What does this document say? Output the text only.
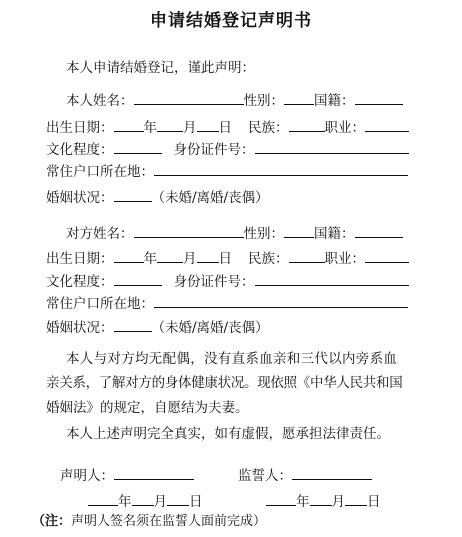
申请结婚登记声明书
本人申请结婚登记，谨此声明：
本人姓名：	性别： 国籍：
出生日期： 年 月 日 民族：	职业：
文化程度：	身份证件号：
常住户口所在地：
婚姻状况：	（未婚/离婚/丧偶）
对方姓名：	性别： 国籍：
出生日期： 年 月 日 民族：	职业：
文化程度：	身份证件号：
常住户口所在地：
婚姻状况：	（未婚/离婚/丧偶）
本人与对方均无配偶，没有直系血亲和三代以内旁系血
亲关系，了解对方的身体健康状况。现依照《中华人民共和国
婚姻法》的规定，自愿结为夫妻。
本人上述声明完全真实，如有虚假，愿承担法律责任。
声明人：	监誓人：
年 月 日	年 月 日
（注：声明人签名须在监誓人面前完成）
